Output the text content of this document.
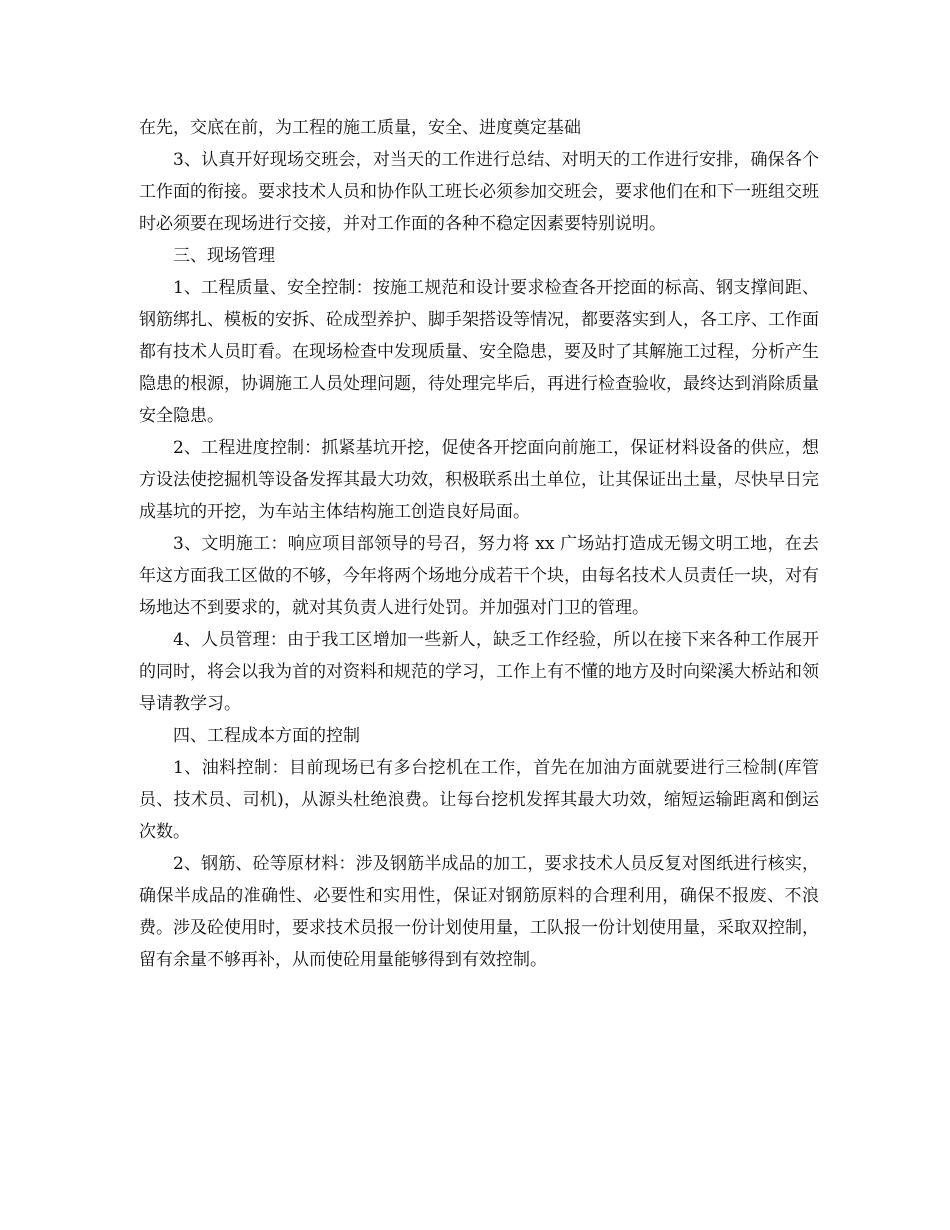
在先，交底在前，为工程的施工质量，安全、进度奠定基础

3、认真开好现场交班会，对当天的工作进行总结、对明天的工作进行安排，确保各个工作面的衔接。要求技术人员和协作队工班长必须参加交班会，要求他们在和下一班组交班时必须要在现场进行交接，并对工作面的各种不稳定因素要特别说明。

三、现场管理

1、工程质量、安全控制：按施工规范和设计要求检查各开挖面的标高、钢支撑间距、钢筋绑扎、模板的安拆、砼成型养护、脚手架搭设等情况，都要落实到人，各工序、工作面都有技术人员盯看。在现场检查中发现质量、安全隐患，要及时了其解施工过程，分析产生隐患的根源，协调施工人员处理问题，待处理完毕后，再进行检查验收，最终达到消除质量安全隐患。

2、工程进度控制：抓紧基坑开挖，促使各开挖面向前施工，保证材料设备的供应，想方设法使挖掘机等设备发挥其最大功效，积极联系出土单位，让其保证出土量，尽快早日完成基坑的开挖，为车站主体结构施工创造良好局面。

3、文明施工：响应项目部领导的号召，努力将 xx 广场站打造成无锡文明工地，在去年这方面我工区做的不够，今年将两个场地分成若干个块，由每名技术人员责任一块，对有场地达不到要求的，就对其负责人进行处罚。并加强对门卫的管理。

4、人员管理：由于我工区增加一些新人，缺乏工作经验，所以在接下来各种工作展开的同时，将会以我为首的对资料和规范的学习，工作上有不懂的地方及时向梁溪大桥站和领导请教学习。

四、工程成本方面的控制

1、油料控制：目前现场已有多台挖机在工作，首先在加油方面就要进行三检制(库管员、技术员、司机)，从源头杜绝浪费。让每台挖机发挥其最大功效，缩短运输距离和倒运次数。

2、钢筋、砼等原材料：涉及钢筋半成品的加工，要求技术人员反复对图纸进行核实，确保半成品的准确性、必要性和实用性，保证对钢筋原料的合理利用，确保不报废、不浪费。涉及砼使用时，要求技术员报一份计划使用量，工队报一份计划使用量，采取双控制，留有余量不够再补，从而使砼用量能够得到有效控制。
